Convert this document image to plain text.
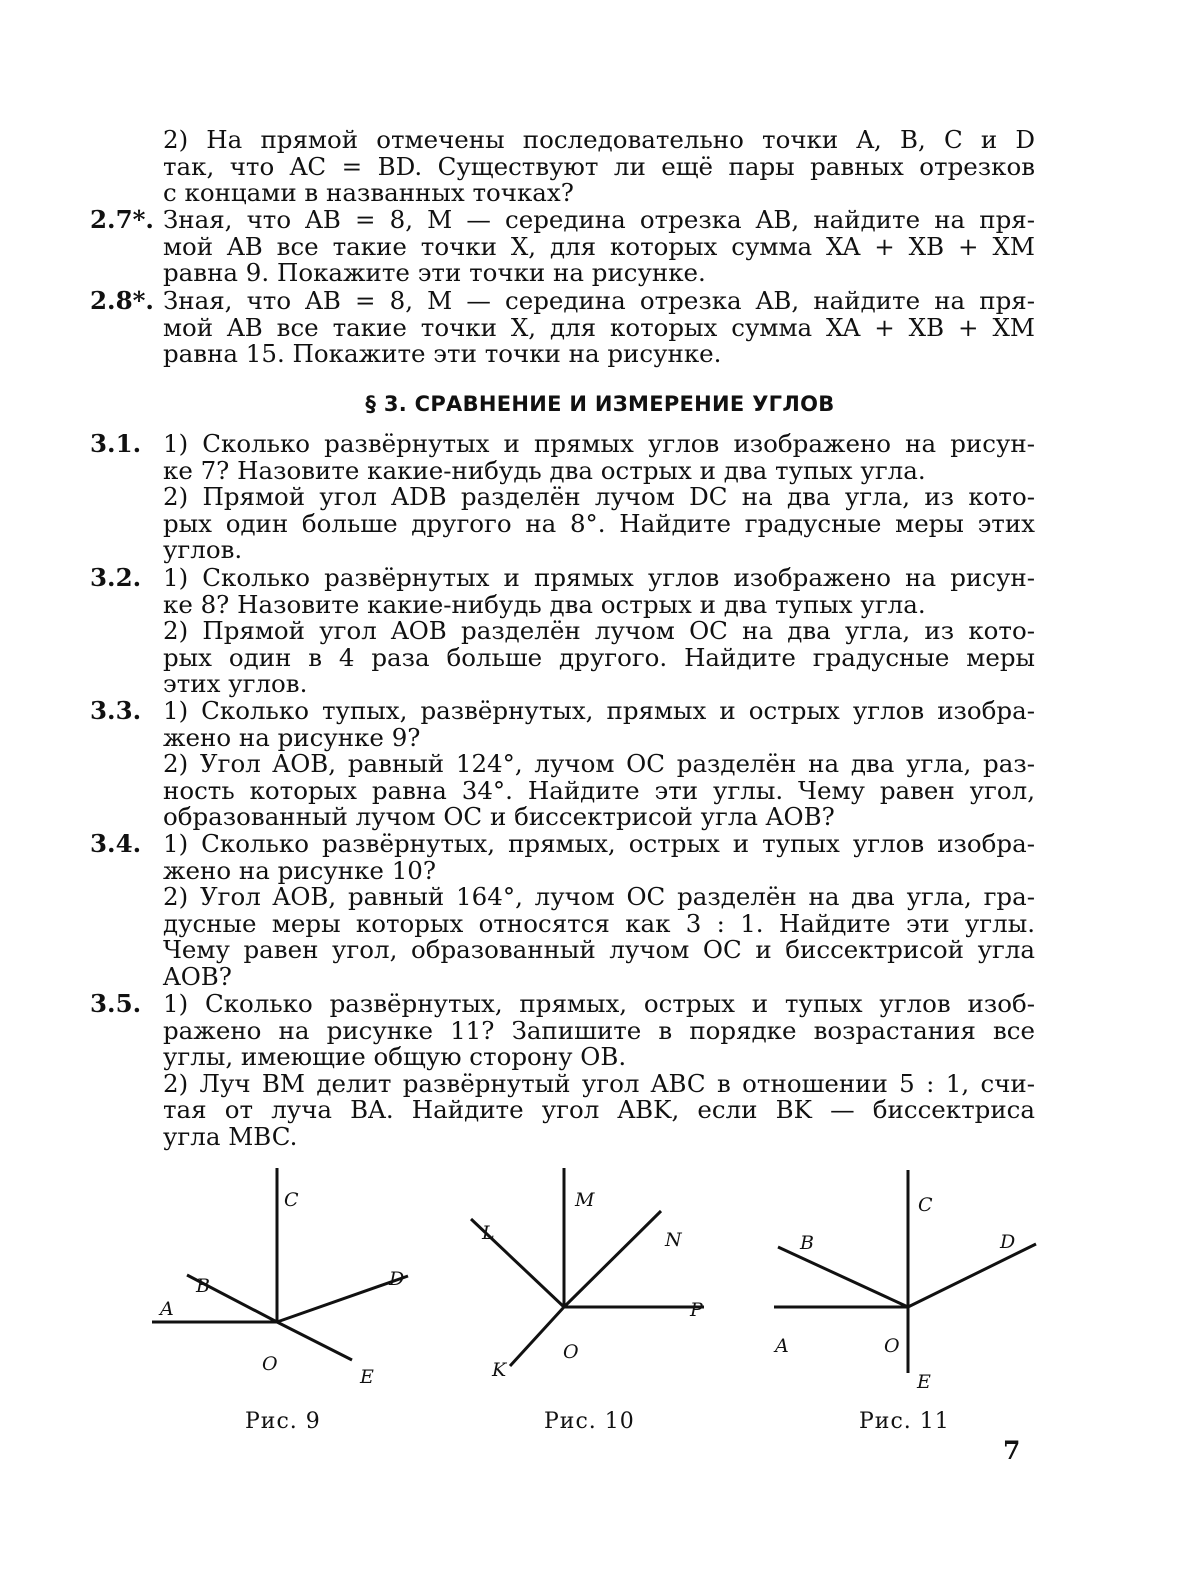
2) На прямой отмечены последовательно точки A, B, C и D
так, что AC = BD. Существуют ли ещё пары равных отрезков
с концами в названных точках?
2.7*. Зная, что AB = 8, M — середина отрезка AB, найдите на пря-
мой AB все такие точки X, для которых сумма XA + XB + XM
равна 9. Покажите эти точки на рисунке.
2.8*. Зная, что AB = 8, M — середина отрезка AB, найдите на пря-
мой AB все такие точки X, для которых сумма XA + XB + XM
равна 15. Покажите эти точки на рисунке.
§ 3. СРАВНЕНИЕ И ИЗМЕРЕНИЕ УГЛОВ
3.1. 1) Сколько развёрнутых и прямых углов изображено на рисун-
ке 7? Назовите какие-нибудь два острых и два тупых угла.
2) Прямой угол ADB разделён лучом DC на два угла, из кото-
рых один больше другого на 8°. Найдите градусные меры этих
углов.
3.2. 1) Сколько развёрнутых и прямых углов изображено на рисун-
ке 8? Назовите какие-нибудь два острых и два тупых угла.
2) Прямой угол AOB разделён лучом OC на два угла, из кото-
рых один в 4 раза больше другого. Найдите градусные меры
этих углов.
3.3. 1) Сколько тупых, развёрнутых, прямых и острых углов изобра-
жено на рисунке 9?
2) Угол AOB, равный 124°, лучом OC разделён на два угла, раз-
ность которых равна 34°. Найдите эти углы. Чему равен угол,
образованный лучом OC и биссектрисой угла AOB?
3.4. 1) Сколько развёрнутых, прямых, острых и тупых углов изобра-
жено на рисунке 10?
2) Угол AOB, равный 164°, лучом OC разделён на два угла, гра-
дусные меры которых относятся как 3 : 1. Найдите эти углы.
Чему равен угол, образованный лучом OC и биссектрисой угла
AOB?
3.5. 1) Сколько развёрнутых, прямых, острых и тупых углов изоб-
ражено на рисунке 11? Запишите в порядке возрастания все
углы, имеющие общую сторону OB.
2) Луч BM делит развёрнутый угол ABC в отношении 5 : 1, счи-
тая от луча BA. Найдите угол ABK, если BK — биссектриса
угла MBC.
C
B	D
A
O
E
M
L	N
P
O
K
C
B	D
A	O
E
Рис. 9	Рис. 10	Рис. 11
7
